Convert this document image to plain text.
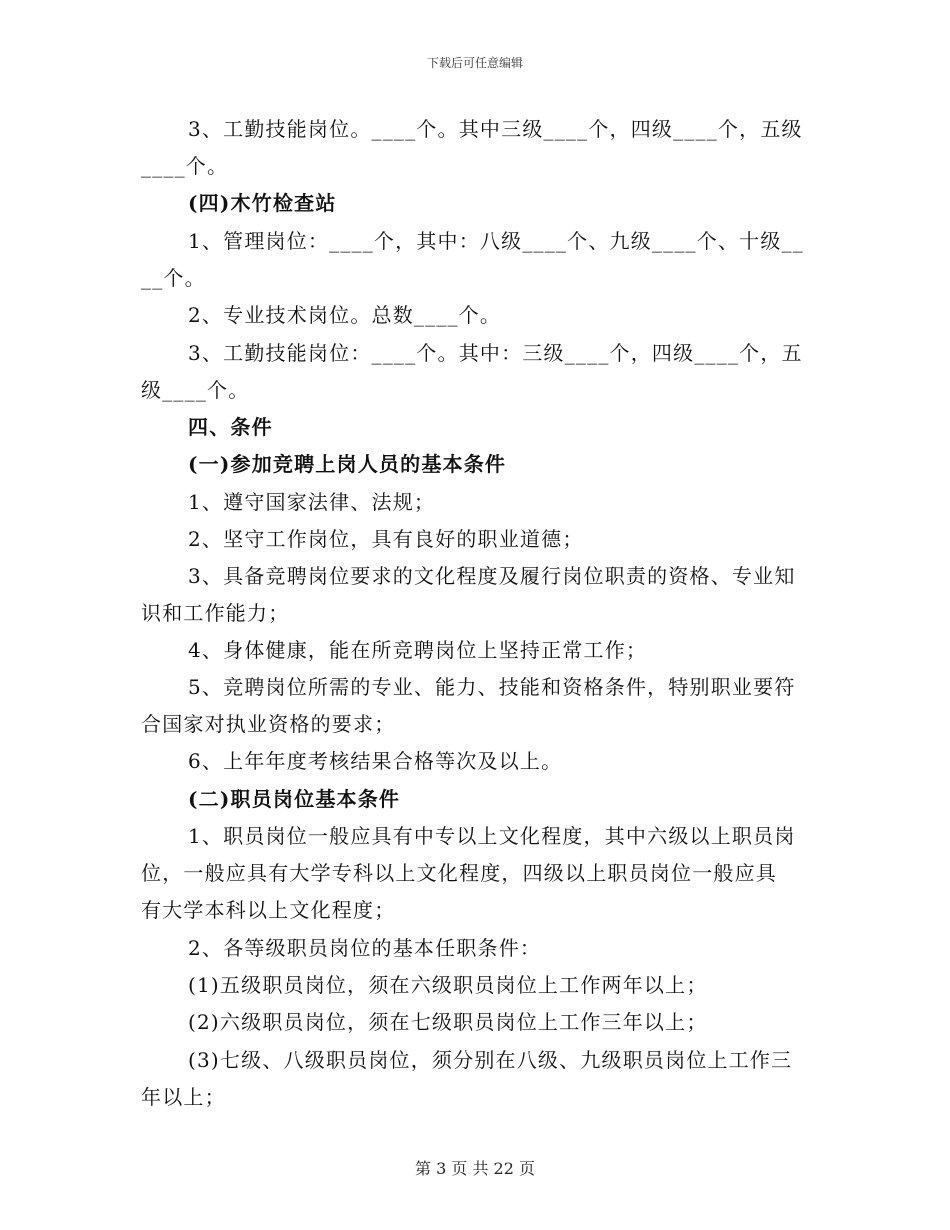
下载后可任意编辑
3、工勤技能岗位。____个。其中三级____个，四级____个，五级
____个。
(四)木竹检查站
1、管理岗位：____个，其中：八级____个、九级____个、十级__
__个。
2、专业技术岗位。总数____个。
3、工勤技能岗位：____个。其中：三级____个，四级____个，五
级____个。
四、条件
(一)参加竞聘上岗人员的基本条件
1、遵守国家法律、法规；
2、坚守工作岗位，具有良好的职业道德；
3、具备竞聘岗位要求的文化程度及履行岗位职责的资格、专业知
识和工作能力；
4、身体健康，能在所竞聘岗位上坚持正常工作；
5、竞聘岗位所需的专业、能力、技能和资格条件，特别职业要符
合国家对执业资格的要求；
6、上年年度考核结果合格等次及以上。
(二)职员岗位基本条件
1、职员岗位一般应具有中专以上文化程度，其中六级以上职员岗
位，一般应具有大学专科以上文化程度，四级以上职员岗位一般应具
有大学本科以上文化程度；
2、各等级职员岗位的基本任职条件：
(1)五级职员岗位，须在六级职员岗位上工作两年以上；
(2)六级职员岗位，须在七级职员岗位上工作三年以上；
(3)七级、八级职员岗位，须分别在八级、九级职员岗位上工作三
年以上；
第 3 页 共 22 页
